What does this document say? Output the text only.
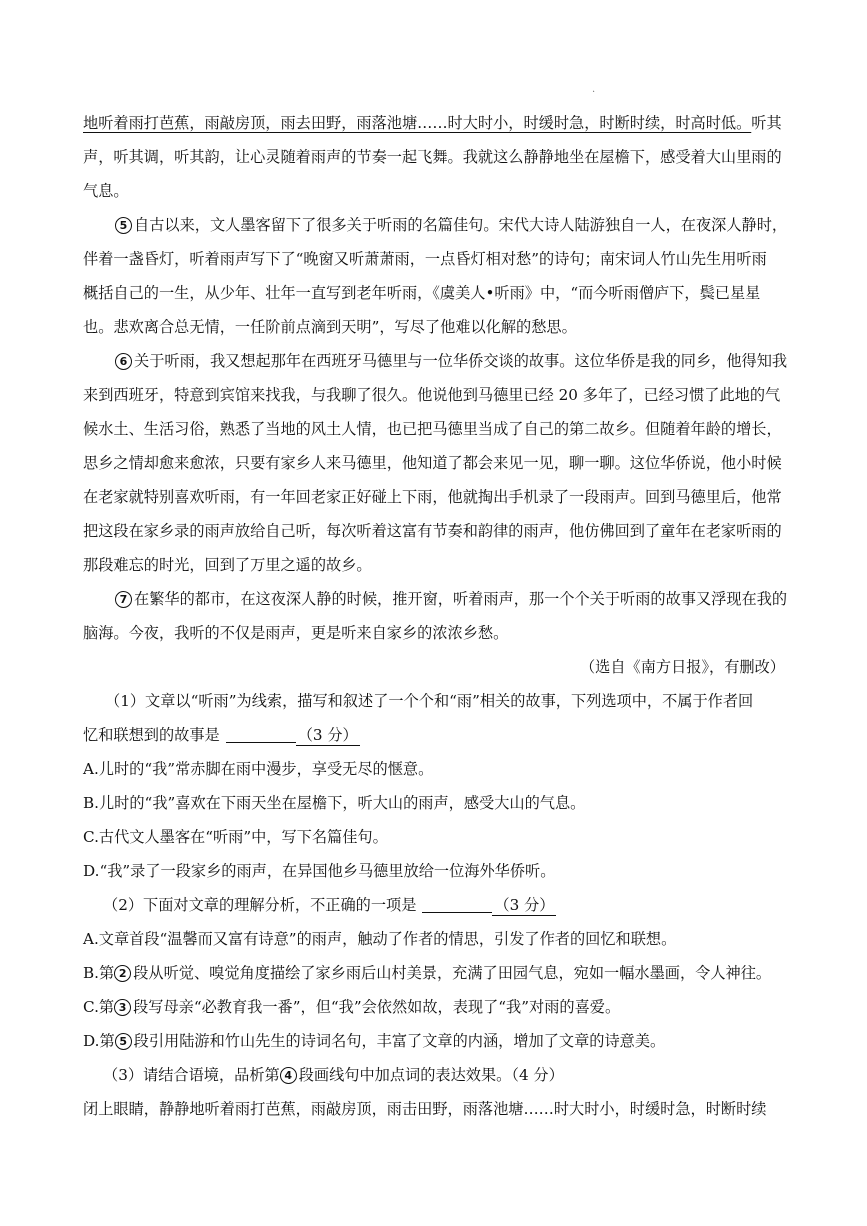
.
地听着雨打芭蕉，雨敲房顶，雨去田野，雨落池塘……时大时小，时缓时急，时断时续，时高时低。听其
声，听其调，听其韵，让心灵随着雨声的节奏一起飞舞。我就这么静静地坐在屋檐下，感受着大山里雨的
气息。
5 自古以来，文人墨客留下了很多关于听雨的名篇佳句。宋代大诗人陆游独自一人，在夜深人静时，
伴着一盏昏灯，听着雨声写下了“晚窗又听萧萧雨，一点昏灯相对愁”的诗句；南宋词人竹山先生用听雨
概括自己的一生，从少年、壮年一直写到老年听雨，《虞美人•听雨》中，“而今听雨僧庐下，鬓已星星
也。悲欢离合总无情，一任阶前点滴到天明”，写尽了他难以化解的愁思。
6 关于听雨，我又想起那年在西班牙马德里与一位华侨交谈的故事。这位华侨是我的同乡，他得知我
来到西班牙，特意到宾馆来找我，与我聊了很久。他说他到马德里已经 20 多年了，已经习惯了此地的气
候水土、生活习俗，熟悉了当地的风土人情，也已把马德里当成了自己的第二故乡。但随着年龄的增长，
思乡之情却愈来愈浓，只要有家乡人来马德里，他知道了都会来见一见，聊一聊。这位华侨说，他小时候
在老家就特别喜欢听雨，有一年回老家正好碰上下雨，他就掏出手机录了一段雨声。回到马德里后，他常
把这段在家乡录的雨声放给自己听，每次听着这富有节奏和韵律的雨声，他仿佛回到了童年在老家听雨的
那段难忘的时光，回到了万里之遥的故乡。
7 在繁华的都市，在这夜深人静的时候，推开窗，听着雨声，那一个个关于听雨的故事又浮现在我的
脑海。今夜，我听的不仅是雨声，更是听来自家乡的浓浓乡愁。
（选自《南方日报》，有删改）
（1）文章以“听雨”为线索，描写和叙述了一个个和“雨”相关的故事，下列选项中，不属于作者回
忆和联想到的故事是	（3 分）
A.儿时的“我”常赤脚在雨中漫步，享受无尽的惬意。
B.儿时的“我”喜欢在下雨天坐在屋檐下，听大山的雨声，感受大山的气息。
C.古代文人墨客在“听雨”中，写下名篇佳句。
D.“我”录了一段家乡的雨声，在异国他乡马德里放给一位海外华侨听。
（2）下面对文章的理解分析，不正确的一项是	（3 分）
A.文章首段“温馨而又富有诗意”的雨声，触动了作者的情思，引发了作者的回忆和联想。
B.第 2 段从听觉、嗅觉角度描绘了家乡雨后山村美景，充满了田园气息，宛如一幅水墨画，令人神往。
C.第 3 段写母亲“必教育我一番”，但“我”会依然如故，表现了“我”对雨的喜爱。
D.第 5 段引用陆游和竹山先生的诗词名句，丰富了文章的内涵，增加了文章的诗意美。
（3）请结合语境，品析第 4 段画线句中加点词的表达效果。（4 分）
闭上眼睛，静静地听着雨打芭蕉，雨敲房顶，雨击田野，雨落池塘……时大时小，时缓时急，时断时续
